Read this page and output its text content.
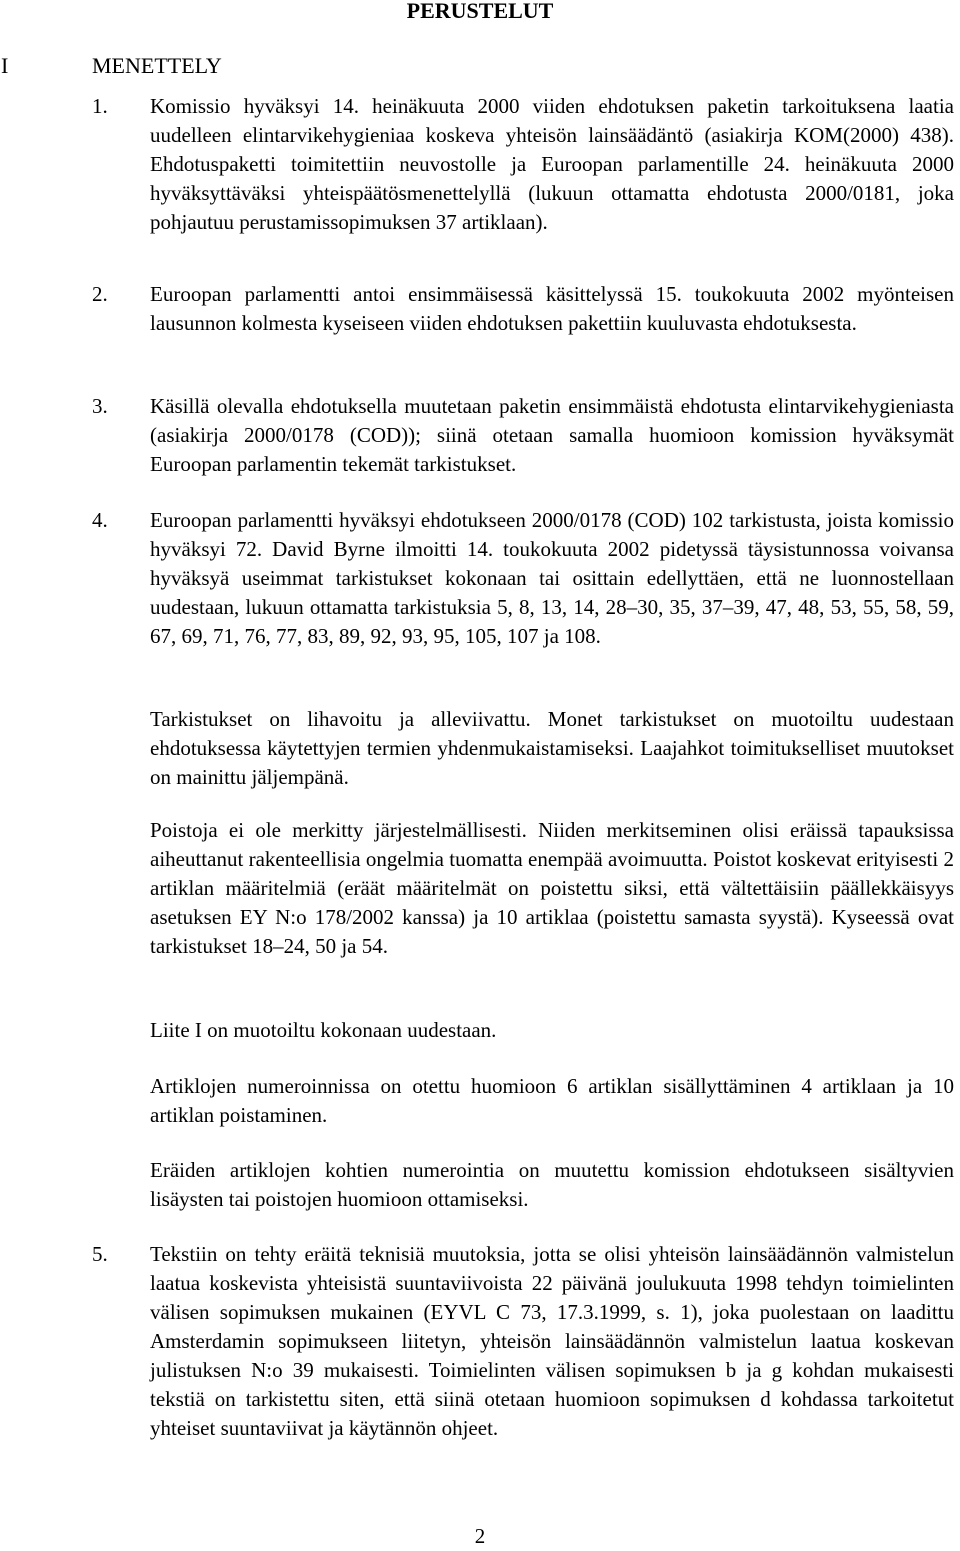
PERUSTELUT
I	MENETTELY
1. Komissio hyväksyi 14. heinäkuuta 2000 viiden ehdotuksen paketin tarkoituksena laatia uudelleen elintarvikehygieniaa koskeva yhteisön lainsäädäntö (asiakirja KOM(2000) 438). Ehdotuspaketti toimitettiin neuvostolle ja Euroopan parlamentille 24. heinäkuuta 2000 hyväksyttäväksi yhteispäätösmenettelyllä (lukuun ottamatta ehdotusta 2000/0181, joka pohjautuu perustamissopimuksen 37 artiklaan).

2. Euroopan parlamentti antoi ensimmäisessä käsittelyssä 15. toukokuuta 2002 myönteisen lausunnon kolmesta kyseiseen viiden ehdotuksen pakettiin kuuluvasta ehdotuksesta.

3. Käsillä olevalla ehdotuksella muutetaan paketin ensimmäistä ehdotusta elintarvikehygieniasta (asiakirja 2000/0178 (COD)); siinä otetaan samalla huomioon komission hyväksymät Euroopan parlamentin tekemät tarkistukset.

4. Euroopan parlamentti hyväksyi ehdotukseen 2000/0178 (COD) 102 tarkistusta, joista komissio hyväksyi 72. David Byrne ilmoitti 14. toukokuuta 2002 pidetyssä täysistunnossa voivansa hyväksyä useimmat tarkistukset kokonaan tai osittain edellyttäen, että ne luonnostellaan uudestaan, lukuun ottamatta tarkistuksia 5, 8, 13, 14, 28–30, 35, 37–39, 47, 48, 53, 55, 58, 59, 67, 69, 71, 76, 77, 83, 89, 92, 93, 95, 105, 107 ja 108.

Tarkistukset on lihavoitu ja alleviivattu. Monet tarkistukset on muotoiltu uudestaan ehdotuksessa käytettyjen termien yhdenmukaistamiseksi. Laajahkot toimitukselliset muutokset on mainittu jäljempänä.

Poistoja ei ole merkitty järjestelmällisesti. Niiden merkitseminen olisi eräissä tapauksissa aiheuttanut rakenteellisia ongelmia tuomatta enempää avoimuutta. Poistot koskevat erityisesti 2 artiklan määritelmiä (eräät määritelmät on poistettu siksi, että vältettäisiin päällekkäisyys asetuksen EY N:o 178/2002 kanssa) ja 10 artiklaa (poistettu samasta syystä). Kyseessä ovat tarkistukset 18–24, 50 ja 54.

Liite I on muotoiltu kokonaan uudestaan.

Artiklojen numeroinnissa on otettu huomioon 6 artiklan sisällyttäminen 4 artiklaan ja 10 artiklan poistaminen.

Eräiden artiklojen kohtien numerointia on muutettu komission ehdotukseen sisältyvien lisäysten tai poistojen huomioon ottamiseksi.

5. Tekstiin on tehty eräitä teknisiä muutoksia, jotta se olisi yhteisön lainsäädännön valmistelun laatua koskevista yhteisistä suuntaviivoista 22 päivänä joulukuuta 1998 tehdyn toimielinten välisen sopimuksen mukainen (EYVL C 73, 17.3.1999, s. 1), joka puolestaan on laadittu Amsterdamin sopimukseen liitetyn, yhteisön lainsäädännön valmistelun laatua koskevan julistuksen N:o 39 mukaisesti. Toimielinten välisen sopimuksen b ja g kohdan mukaisesti tekstiä on tarkistettu siten, että siinä otetaan huomioon sopimuksen d kohdassa tarkoitetut yhteiset suuntaviivat ja käytännön ohjeet.

2
